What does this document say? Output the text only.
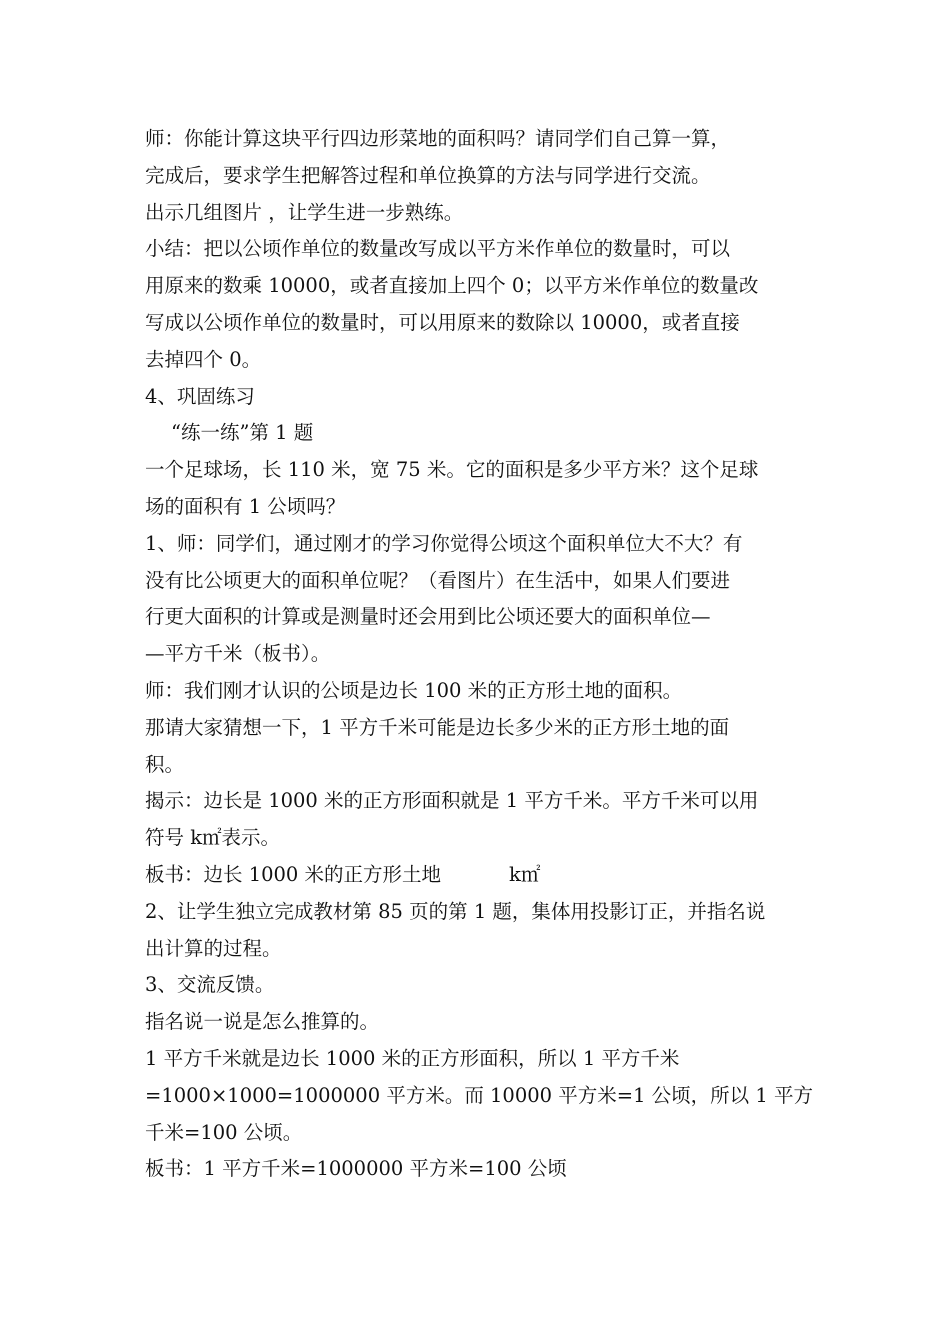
师：你能计算这块平行四边形菜地的面积吗？请同学们自己算一算，
完成后，要求学生把解答过程和单位换算的方法与同学进行交流。
出示几组图片 ，让学生进一步熟练。
小结：把以公顷作单位的数量改写成以平方米作单位的数量时，可以
用原来的数乘 10000，或者直接加上四个 0；以平方米作单位的数量改
写成以公顷作单位的数量时，可以用原来的数除以 10000，或者直接
去掉四个 0。
4、巩固练习
“练一练”第 1 题
一个足球场，长 110 米，宽 75 米。它的面积是多少平方米？这个足球
场的面积有 1 公顷吗？
1、师：同学们，通过刚才的学习你觉得公顷这个面积单位大不大？有
没有比公顷更大的面积单位呢？（看图片）在生活中，如果人们要进
行更大面积的计算或是测量时还会用到比公顷还要大的面积单位—
—平方千米（板书）。
师：我们刚才认识的公顷是边长 100 米的正方形土地的面积。
那请大家猜想一下，1 平方千米可能是边长多少米的正方形土地的面
积。
揭示：边长是 1000 米的正方形面积就是 1 平方千米。平方千米可以用
符号 k㎡表示。
板书：边长 1000 米的正方形土地	k㎡
2、让学生独立完成教材第 85 页的第 1 题，集体用投影订正，并指名说
出计算的过程。
3、交流反馈。
指名说一说是怎么推算的。
1 平方千米就是边长 1000 米的正方形面积，所以 1 平方千米
=1000×1000=1000000 平方米。而 10000 平方米=1 公顷，所以 1 平方
千米=100 公顷。
板书：1 平方千米=1000000 平方米=100 公顷
